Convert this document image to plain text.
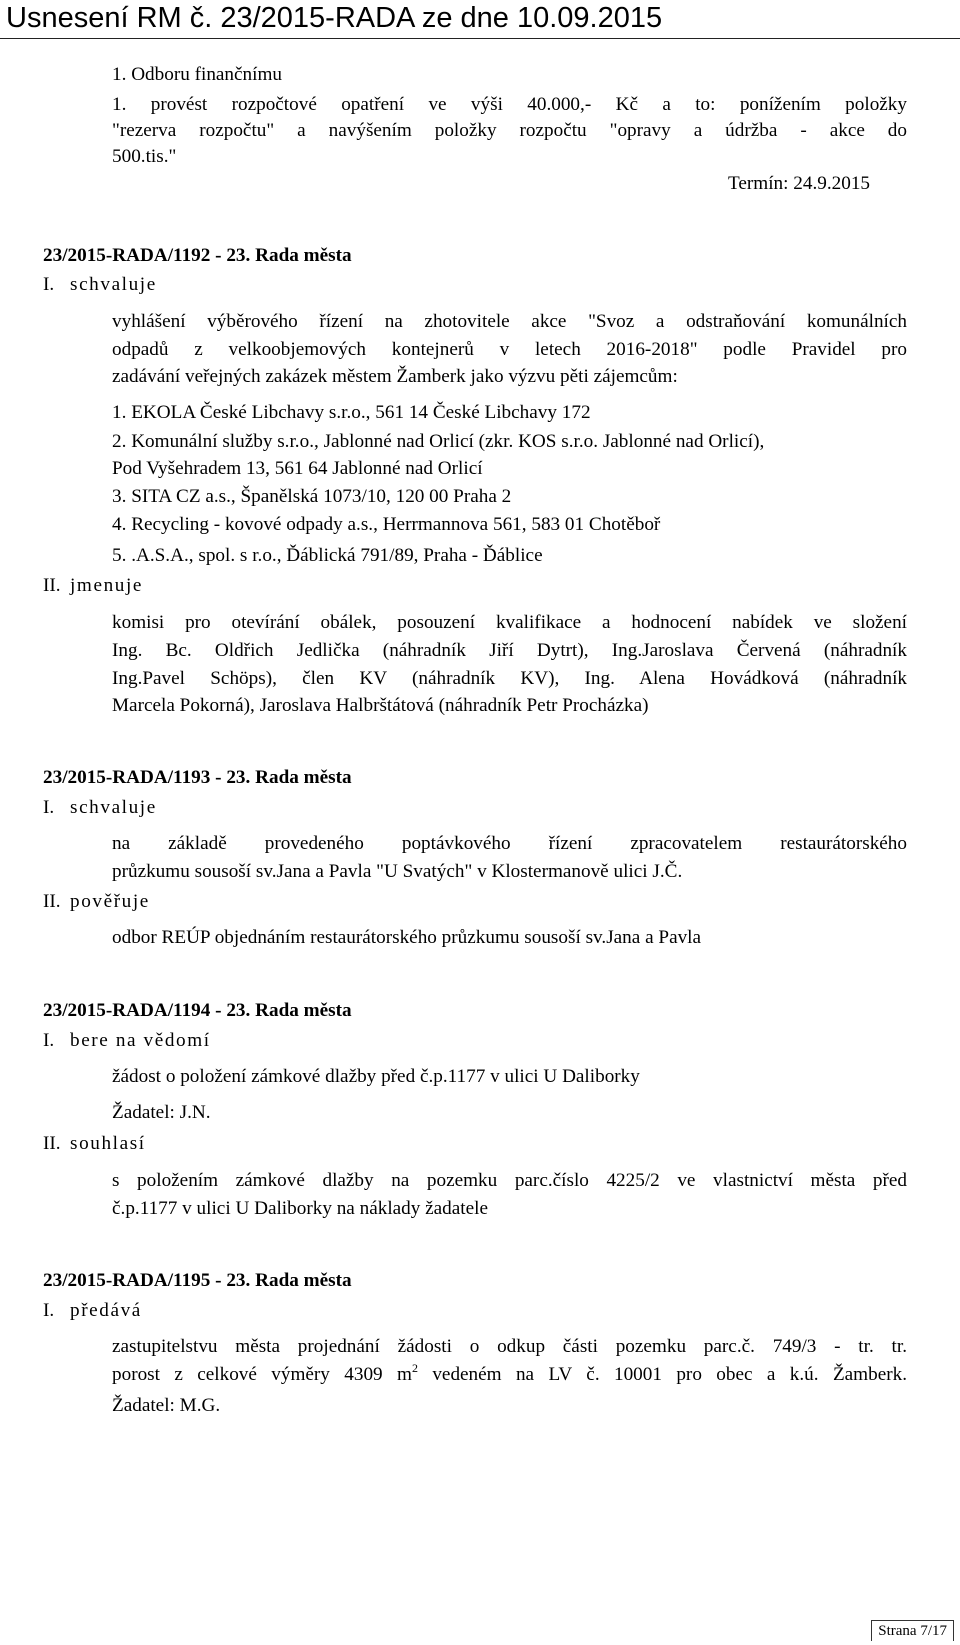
Usnesení RM č. 23/2015-RADA ze dne 10.09.2015
1. Odboru finančnímu
1. provést rozpočtové opatření ve výši 40.000,- Kč a to: ponížením položky
"rezerva rozpočtu" a navýšením položky rozpočtu "opravy a údržba - akce do
500.tis."
Termín: 24.9.2015
23/2015-RADA/1192 - 23. Rada města
I. schvaluje
vyhlášení výběrového řízení na zhotovitele akce "Svoz a odstraňování komunálních
odpadů z velkoobjemových kontejnerů v letech 2016-2018" podle Pravidel pro
zadávání veřejných zakázek městem Žamberk jako výzvu pěti zájemcům:
1. EKOLA České Libchavy s.r.o., 561 14 České Libchavy 172
2. Komunální služby s.r.o., Jablonné nad Orlicí (zkr. KOS s.r.o. Jablonné nad Orlicí),
Pod Vyšehradem 13, 561 64 Jablonné nad Orlicí
3. SITA CZ a.s., Španělská 1073/10, 120 00 Praha 2
4. Recycling - kovové odpady a.s., Herrmannova 561, 583 01 Chotěboř
5. .A.S.A., spol. s r.o., Ďáblická 791/89, Praha - Ďáblice
II. jmenuje
komisi pro otevírání obálek, posouzení kvalifikace a hodnocení nabídek ve složení
Ing. Bc. Oldřich Jedlička (náhradník Jiří Dytrt), Ing.Jaroslava Červená (náhradník
Ing.Pavel Schöps), člen KV (náhradník KV), Ing. Alena Hovádková (náhradník
Marcela Pokorná), Jaroslava Halbrštátová (náhradník Petr Procházka)
23/2015-RADA/1193 - 23. Rada města
I. schvaluje
na základě provedeného poptávkového řízení zpracovatelem restaurátorského
průzkumu sousoší sv.Jana a Pavla "U Svatých" v Klostermanově ulici J.Č.
II. pověřuje
odbor REÚP objednáním restaurátorského průzkumu sousoší sv.Jana a Pavla
23/2015-RADA/1194 - 23. Rada města
I. bere na vědomí
žádost o položení zámkové dlažby před č.p.1177 v ulici U Daliborky
Žadatel: J.N.
II. souhlasí
s položením zámkové dlažby na pozemku parc.číslo 4225/2 ve vlastnictví města před
č.p.1177 v ulici U Daliborky na náklady žadatele
23/2015-RADA/1195 - 23. Rada města
I. předává
zastupitelstvu města projednání žádosti o odkup části pozemku parc.č. 749/3 - tr. tr.
porost z celkové výměry 4309 $m^2$ vedeném na LV č. 10001 pro obec a k.ú. Žamberk.
Žadatel: M.G.
Strana 7/17
